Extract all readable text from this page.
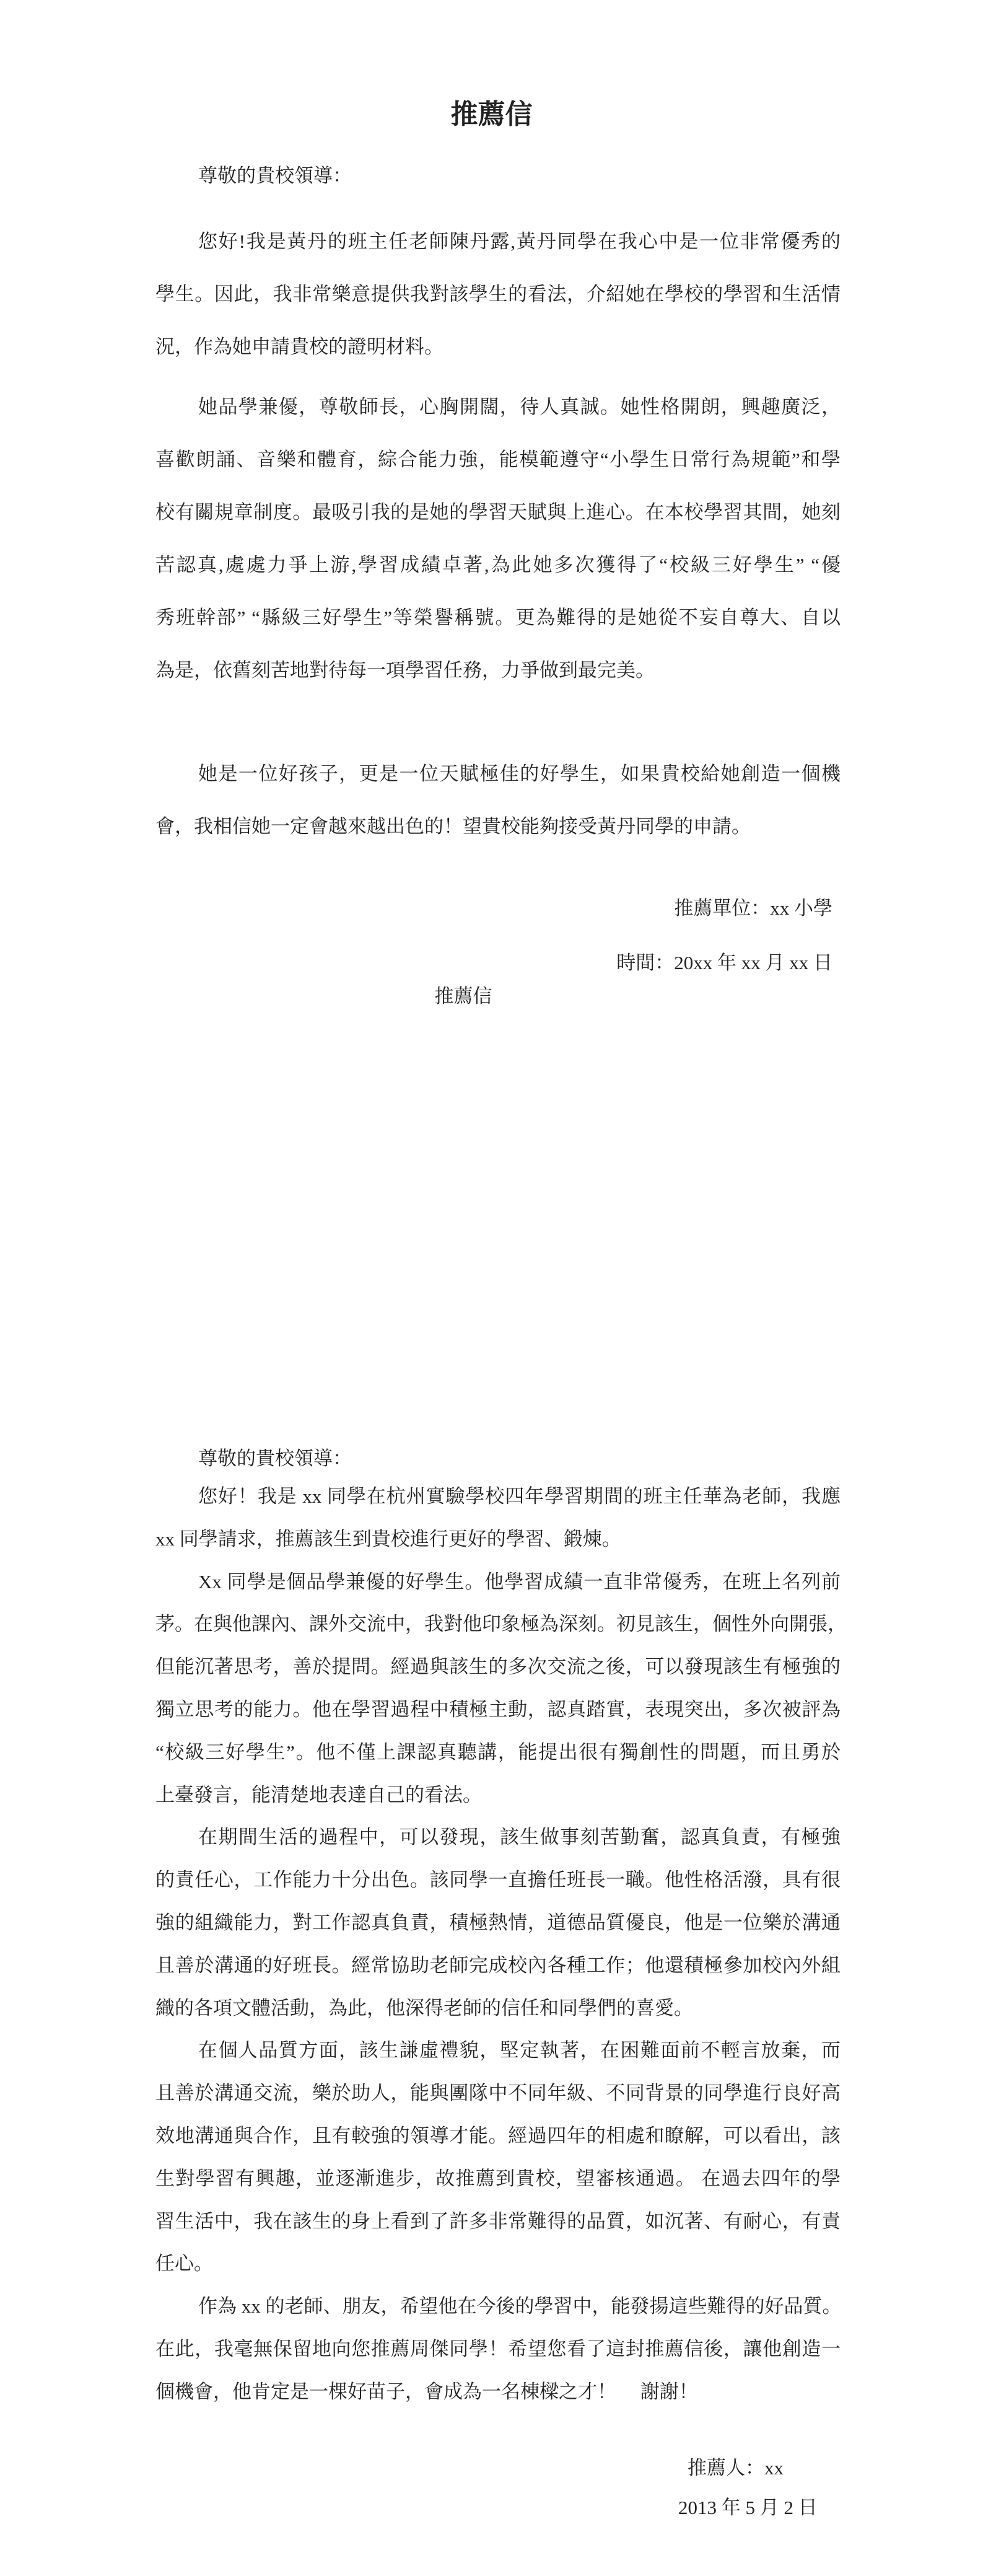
推薦信
尊敬的貴校領導：
您好!我是黃丹的班主任老師陳丹露,黃丹同學在我心中是一位非常優秀的
學生。因此，我非常樂意提供我對該學生的看法，介紹她在學校的學習和生活情
況，作為她申請貴校的證明材料。
她品學兼優，尊敬師長，心胸開闊，待人真誠。她性格開朗，興趣廣泛，
喜歡朗誦、音樂和體育，綜合能力強，能模範遵守“小學生日常行為規範”和學
校有關規章制度。最吸引我的是她的學習天賦與上進心。在本校學習其間，她刻
苦認真,處處力爭上游,學習成績卓著,為此她多次獲得了“校級三好學生” “優
秀班幹部” “縣級三好學生”等榮譽稱號。更為難得的是她從不妄自尊大、自以
為是，依舊刻苦地對待每一項學習任務，力爭做到最完美。
她是一位好孩子，更是一位天賦極佳的好學生，如果貴校給她創造一個機
會，我相信她一定會越來越出色的！望貴校能夠接受黃丹同學的申請。
推薦單位：xx 小學
時間：20xx 年 xx 月 xx 日
推薦信
尊敬的貴校領導：
您好！我是 xx 同學在杭州實驗學校四年學習期間的班主任華為老師，我應
xx 同學請求，推薦該生到貴校進行更好的學習、鍛煉。
Xx 同學是個品學兼優的好學生。他學習成績一直非常優秀，在班上名列前
茅。在與他課內、課外交流中，我對他印象極為深刻。初見該生，個性外向開張，
但能沉著思考，善於提問。經過與該生的多次交流之後，可以發現該生有極強的
獨立思考的能力。他在學習過程中積極主動，認真踏實，表現突出，多次被評為
“校級三好學生”。他不僅上課認真聽講，能提出很有獨創性的問題，而且勇於
上臺發言，能清楚地表達自己的看法。
在期間生活的過程中，可以發現，該生做事刻苦勤奮，認真負責，有極強
的責任心，工作能力十分出色。該同學一直擔任班長一職。他性格活潑，具有很
強的組織能力，對工作認真負責，積極熱情，道德品質優良，他是一位樂於溝通
且善於溝通的好班長。經常協助老師完成校內各種工作；他還積極參加校內外組
織的各項文體活動，為此，他深得老師的信任和同學們的喜愛。
在個人品質方面，該生謙虛禮貌，堅定執著，在困難面前不輕言放棄，而
且善於溝通交流，樂於助人，能與團隊中不同年級、不同背景的同學進行良好高
效地溝通與合作，且有較強的領導才能。經過四年的相處和瞭解，可以看出，該
生對學習有興趣，並逐漸進步，故推薦到貴校，望審核通過。 在過去四年的學
習生活中，我在該生的身上看到了許多非常難得的品質，如沉著、有耐心，有責
任心。
作為 xx 的老師、朋友，希望他在今後的學習中，能發揚這些難得的好品質。
在此，我毫無保留地向您推薦周傑同學！希望您看了這封推薦信後，讓他創造一
個機會，他肯定是一棵好苗子，會成為一名棟樑之才！　 謝謝！
推薦人：xx
2013 年 5 月 2 日
